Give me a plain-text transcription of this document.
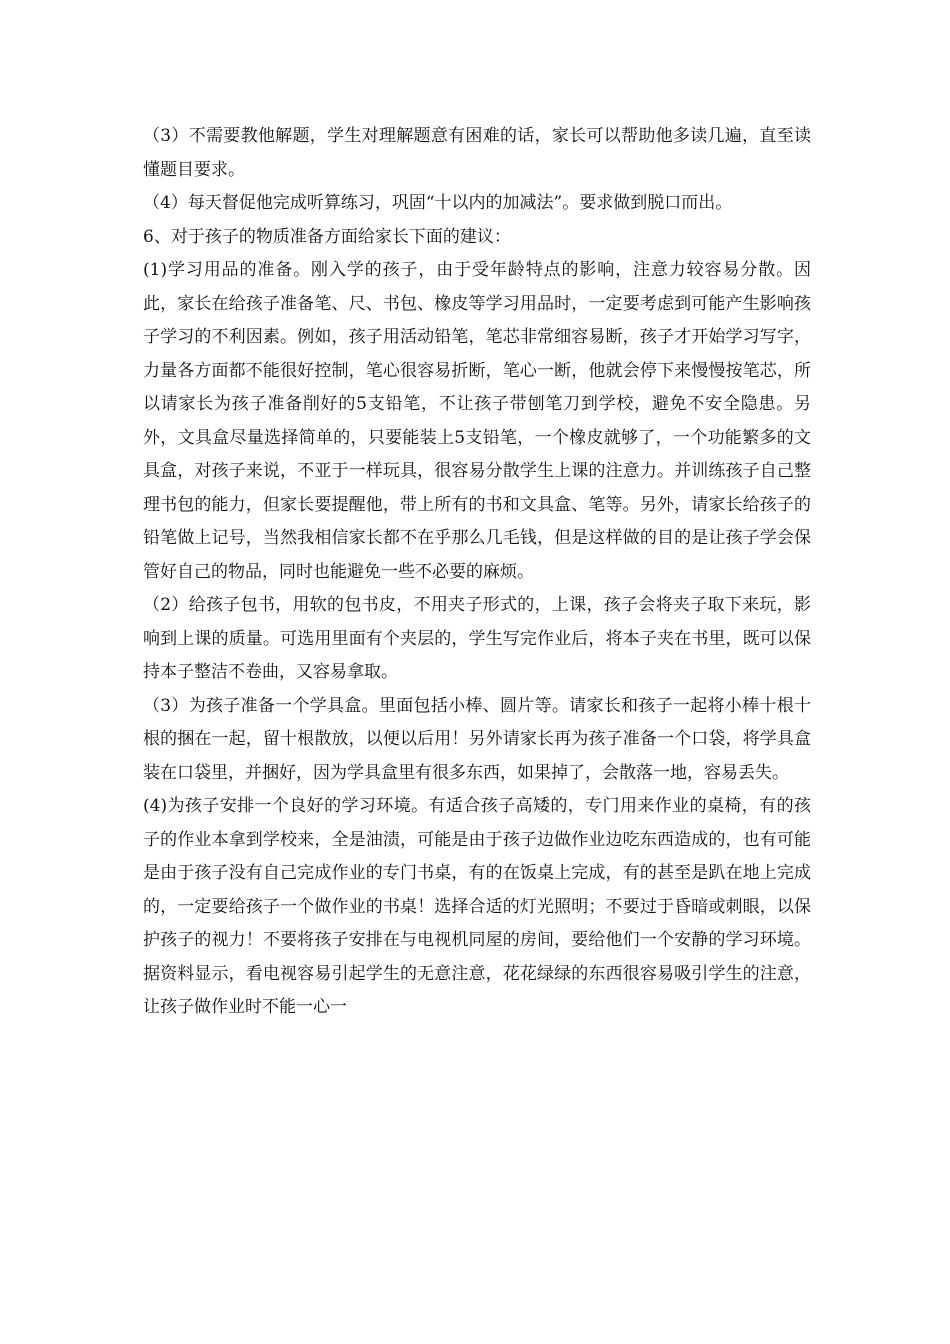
（3）不需要教他解题，学生对理解题意有困难的话，家长可以帮助他多读几遍，直至读懂题目要求。

（4）每天督促他完成听算练习，巩固“十以内的加减法”。要求做到脱口而出。

6、对于孩子的物质准备方面给家长下面的建议：

(1)学习用品的准备。刚入学的孩子，由于受年龄特点的影响，注意力较容易分散。因此，家长在给孩子准备笔、尺、书包、橡皮等学习用品时，一定要考虑到可能产生影响孩子学习的不利因素。例如，孩子用活动铅笔，笔芯非常细容易断，孩子才开始学习写字，力量各方面都不能很好控制，笔心很容易折断，笔心一断，他就会停下来慢慢按笔芯，所以请家长为孩子准备削好的5支铅笔，不让孩子带刨笔刀到学校，避免不安全隐患。另外，文具盒尽量选择简单的，只要能装上5支铅笔，一个橡皮就够了，一个功能繁多的文具盒，对孩子来说，不亚于一样玩具，很容易分散学生上课的注意力。并训练孩子自己整理书包的能力，但家长要提醒他，带上所有的书和文具盒、笔等。另外，请家长给孩子的铅笔做上记号，当然我相信家长都不在乎那么几毛钱，但是这样做的目的是让孩子学会保管好自己的物品，同时也能避免一些不必要的麻烦。

（2）给孩子包书，用软的包书皮，不用夹子形式的，上课，孩子会将夹子取下来玩，影响到上课的质量。可选用里面有个夹层的，学生写完作业后，将本子夹在书里，既可以保持本子整洁不卷曲，又容易拿取。

（3）为孩子准备一个学具盒。里面包括小棒、圆片等。请家长和孩子一起将小棒十根十根的捆在一起，留十根散放，以便以后用！另外请家长再为孩子准备一个口袋，将学具盒装在口袋里，并捆好，因为学具盒里有很多东西，如果掉了，会散落一地，容易丢失。

(4)为孩子安排一个良好的学习环境。有适合孩子高矮的，专门用来作业的桌椅，有的孩子的作业本拿到学校来，全是油渍，可能是由于孩子边做作业边吃东西造成的，也有可能是由于孩子没有自己完成作业的专门书桌，有的在饭桌上完成，有的甚至是趴在地上完成的，一定要给孩子一个做作业的书桌！选择合适的灯光照明；不要过于昏暗或刺眼，以保护孩子的视力！不要将孩子安排在与电视机同屋的房间，要给他们一个安静的学习环境。据资料显示，看电视容易引起学生的无意注意，花花绿绿的东西很容易吸引学生的注意，让孩子做作业时不能一心一
